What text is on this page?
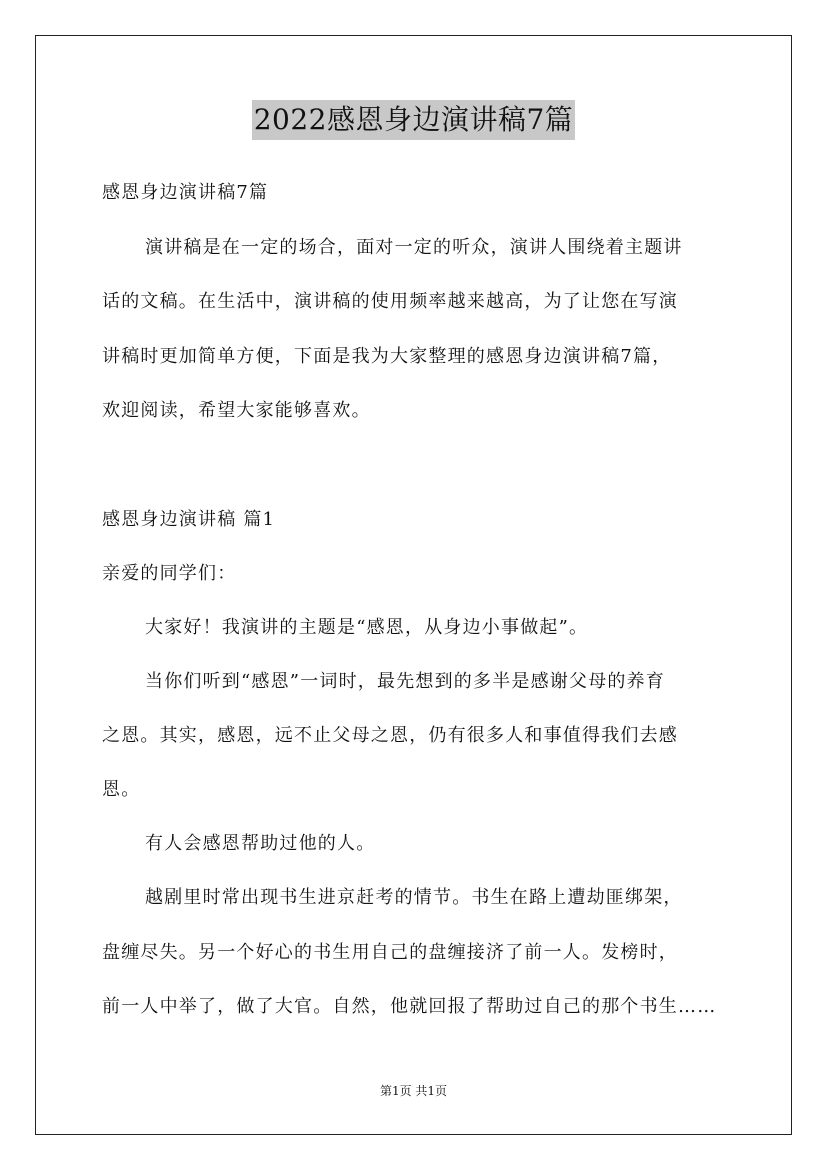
2022感恩身边演讲稿7篇
感恩身边演讲稿7篇
演讲稿是在一定的场合，面对一定的听众，演讲人围绕着主题讲
话的文稿。在生活中，演讲稿的使用频率越来越高，为了让您在写演
讲稿时更加简单方便，下面是我为大家整理的感恩身边演讲稿7篇，
欢迎阅读，希望大家能够喜欢。
感恩身边演讲稿 篇1
亲爱的同学们：
大家好！我演讲的主题是“感恩，从身边小事做起”。
当你们听到“感恩”一词时，最先想到的多半是感谢父母的养育
之恩。其实，感恩，远不止父母之恩，仍有很多人和事值得我们去感
恩。
有人会感恩帮助过他的人。
越剧里时常出现书生进京赶考的情节。书生在路上遭劫匪绑架，
盘缠尽失。另一个好心的书生用自己的盘缠接济了前一人。发榜时，
前一人中举了，做了大官。自然，他就回报了帮助过自己的那个书生……
第1页 共1页
